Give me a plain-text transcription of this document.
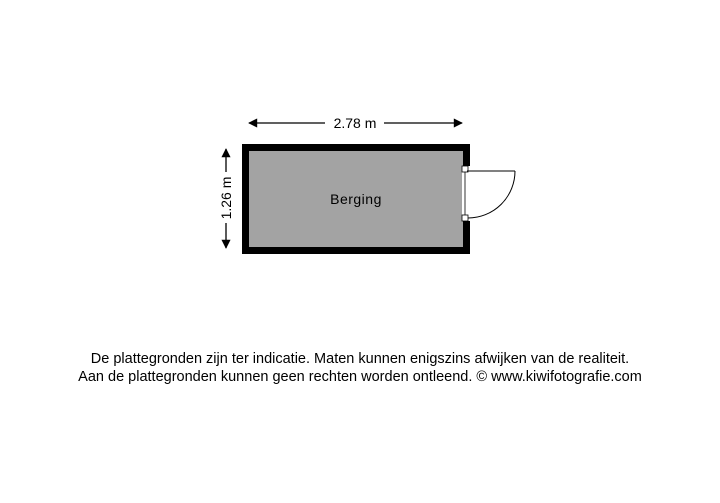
2.78 m
1.26 m	Berging
De plattegronden zijn ter indicatie. Maten kunnen enigszins afwijken van de realiteit.
Aan de plattegronden kunnen geen rechten worden ontleend. © www.kiwifotografie.com
